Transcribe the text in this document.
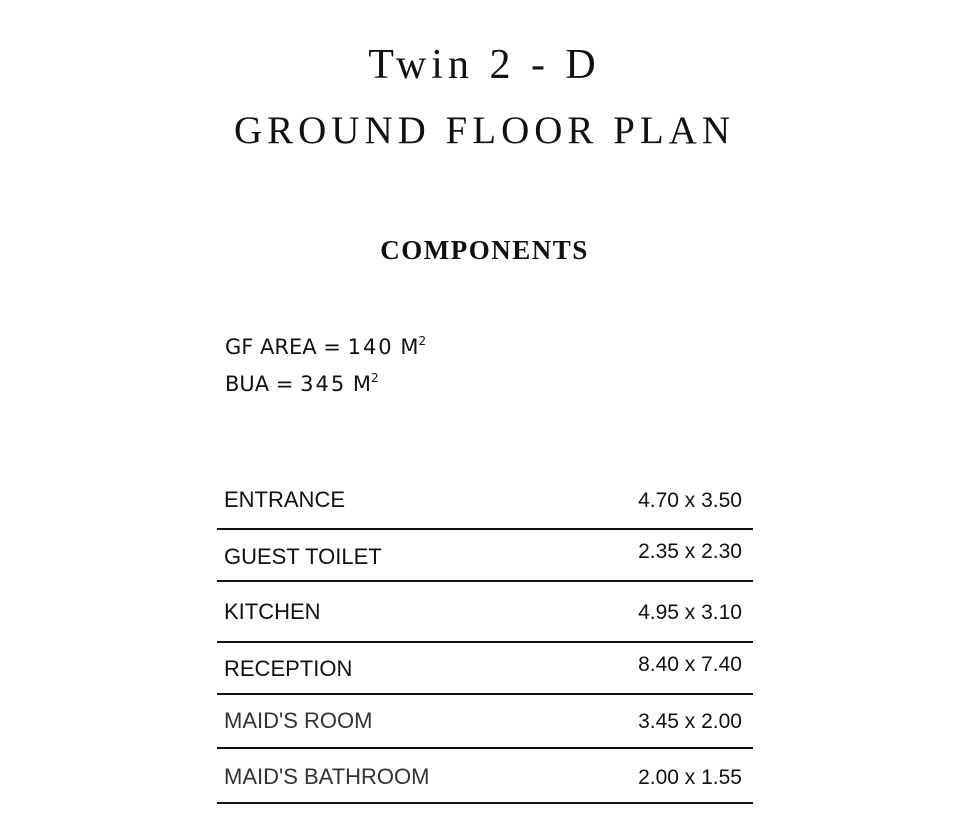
Twin 2 - D
GROUND FLOOR PLAN
COMPONENTS
GF AREA = 140 $M^2$
BUA = 345 $M^2$
ENTRANCE	4.70 x 3.50
GUEST TOILET	2.35 x 2.30
KITCHEN	4.95 x 3.10
RECEPTION	8.40 x 7.40
MAID'S ROOM	3.45 x 2.00
MAID'S BATHROOM	2.00 x 1.55
